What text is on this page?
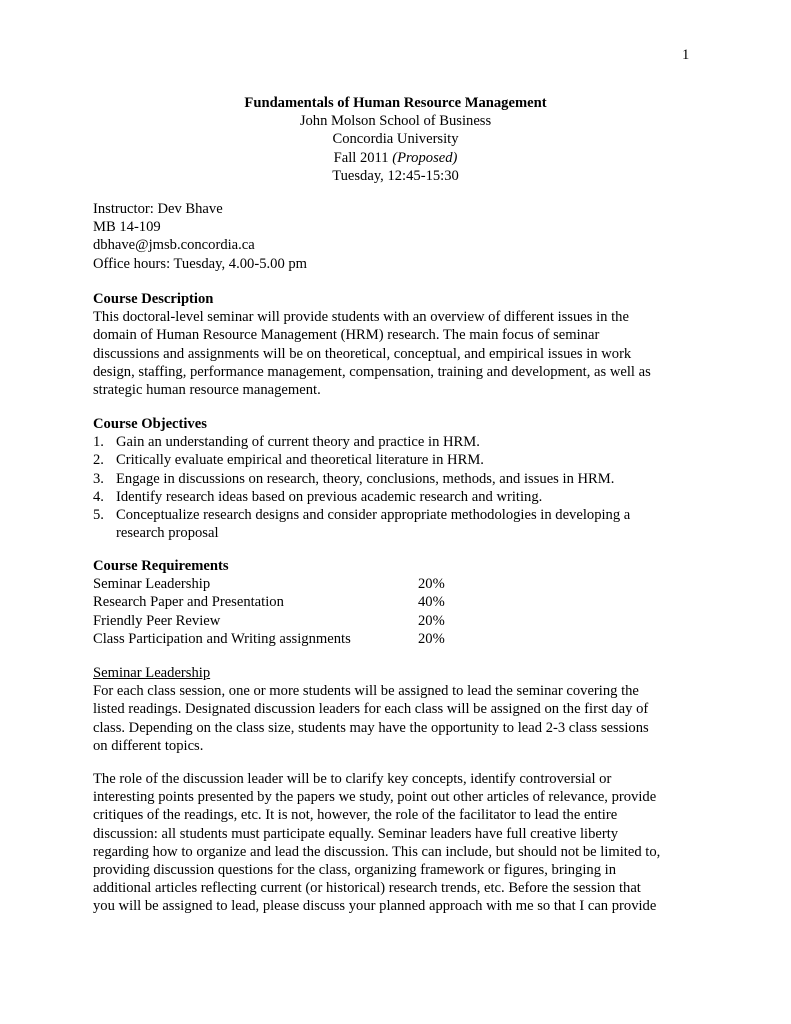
1
Fundamentals of Human Resource Management
John Molson School of Business
Concordia University
Fall 2011 (Proposed)
Tuesday, 12:45-15:30
Instructor: Dev Bhave
MB 14-109
dbhave@jmsb.concordia.ca
Office hours: Tuesday, 4.00-5.00 pm
Course Description
This doctoral-level seminar will provide students with an overview of different issues in the
domain of Human Resource Management (HRM) research. The main focus of seminar
discussions and assignments will be on theoretical, conceptual, and empirical issues in work
design, staffing, performance management, compensation, training and development, as well as
strategic human resource management.
Course Objectives
1. Gain an understanding of current theory and practice in HRM.
2. Critically evaluate empirical and theoretical literature in HRM.
3. Engage in discussions on research, theory, conclusions, methods, and issues in HRM.
4. Identify research ideas based on previous academic research and writing.
5. Conceptualize research designs and consider appropriate methodologies in developing a
research proposal
Course Requirements
Seminar Leadership	20%
Research Paper and Presentation	40%
Friendly Peer Review	20%
Class Participation and Writing assignments	20%
Seminar Leadership
For each class session, one or more students will be assigned to lead the seminar covering the
listed readings. Designated discussion leaders for each class will be assigned on the first day of
class. Depending on the class size, students may have the opportunity to lead 2-3 class sessions
on different topics.
The role of the discussion leader will be to clarify key concepts, identify controversial or
interesting points presented by the papers we study, point out other articles of relevance, provide
critiques of the readings, etc. It is not, however, the role of the facilitator to lead the entire
discussion: all students must participate equally. Seminar leaders have full creative liberty
regarding how to organize and lead the discussion. This can include, but should not be limited to,
providing discussion questions for the class, organizing framework or figures, bringing in
additional articles reflecting current (or historical) research trends, etc. Before the session that
you will be assigned to lead, please discuss your planned approach with me so that I can provide
